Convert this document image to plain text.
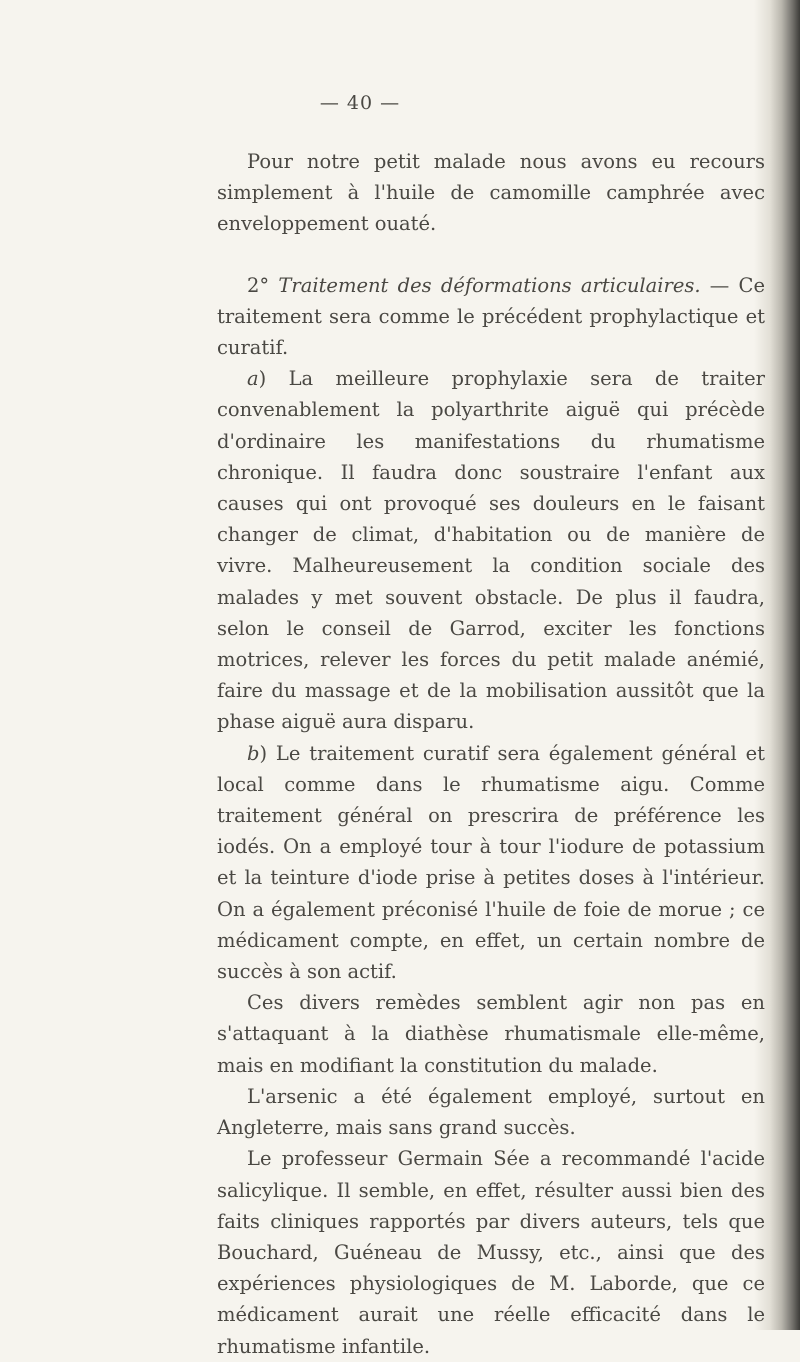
— 40 —

Pour notre petit malade nous avons eu recours simplement à l'huile de camomille camphrée avec enveloppement ouaté.

2° Traitement des déformations articulaires. — Ce traitement sera comme le précédent prophylactique et curatif.

a) La meilleure prophylaxie sera de traiter convenablement la polyarthrite aiguë qui précède d'ordinaire les manifestations du rhumatisme chronique. Il faudra donc soustraire l'enfant aux causes qui ont provoqué ses douleurs en le faisant changer de climat, d'habitation ou de manière de vivre. Malheureusement la condition sociale des malades y met souvent obstacle. De plus il faudra, selon le conseil de Garrod, exciter les fonctions motrices, relever les forces du petit malade anémié, faire du massage et de la mobilisation aussitôt que la phase aiguë aura disparu.

b) Le traitement curatif sera également général et local comme dans le rhumatisme aigu. Comme traitement général on prescrira de préférence les iodés. On a employé tour à tour l'iodure de potassium et la teinture d'iode prise à petites doses à l'intérieur. On a également préconisé l'huile de foie de morue ; ce médicament compte, en effet, un certain nombre de succès à son actif.

Ces divers remèdes semblent agir non pas en s'attaquant à la diathèse rhumatismale elle-même, mais en modifiant la constitution du malade.

L'arsenic a été également employé, surtout en Angleterre, mais sans grand succès.

Le professeur Germain Sée a recommandé l'acide salicylique. Il semble, en effet, résulter aussi bien des faits cliniques rapportés par divers auteurs, tels que Bouchard, Guéneau de Mussy, etc., ainsi que des expériences physiologiques de M. Laborde, que ce médicament aurait une réelle efficacité dans le rhumatisme infantile.
